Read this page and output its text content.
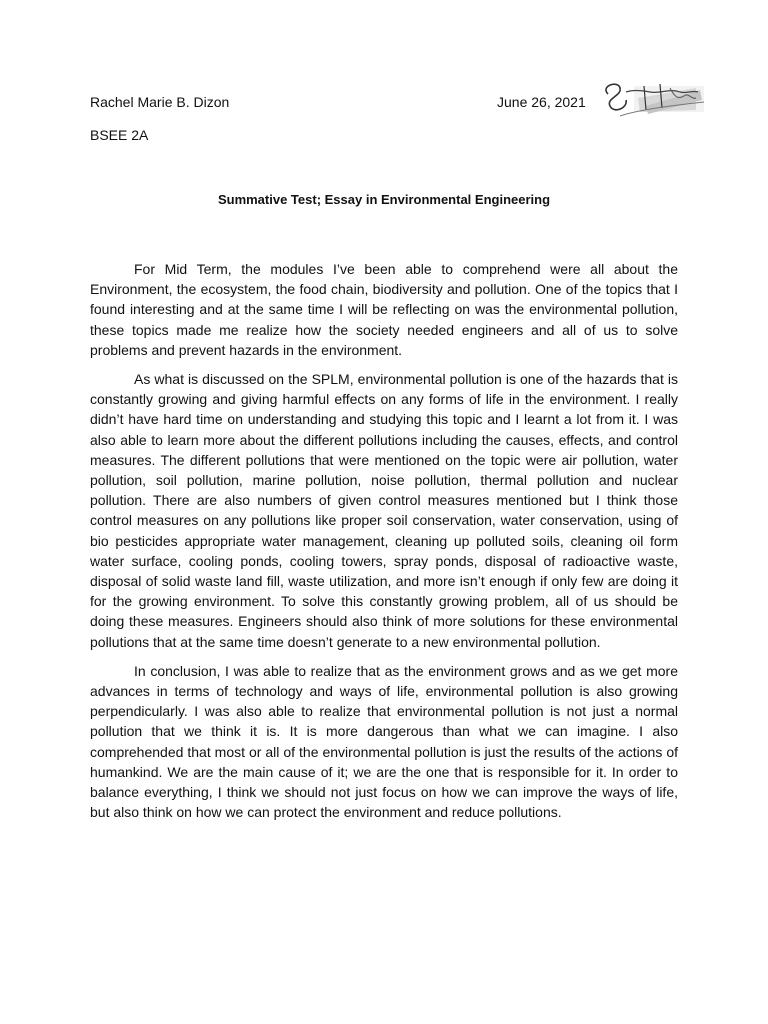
Rachel Marie B. Dizon	June 26, 2021
BSEE 2A
Summative Test; Essay in Environmental Engineering

For Mid Term, the modules I’ve been able to comprehend were all about the Environment, the ecosystem, the food chain, biodiversity and pollution. One of the topics that I found interesting and at the same time I will be reflecting on was the environmental pollution, these topics made me realize how the society needed engineers and all of us to solve problems and prevent hazards in the environment.

As what is discussed on the SPLM, environmental pollution is one of the hazards that is constantly growing and giving harmful effects on any forms of life in the environment. I really didn’t have hard time on understanding and studying this topic and I learnt a lot from it. I was also able to learn more about the different pollutions including the causes, effects, and control measures. The different pollutions that were mentioned on the topic were air pollution, water pollution, soil pollution, marine pollution, noise pollution, thermal pollution and nuclear pollution. There are also numbers of given control measures mentioned but I think those control measures on any pollutions like proper soil conservation, water conservation, using of bio pesticides appropriate water management, cleaning up polluted soils, cleaning oil form water surface, cooling ponds, cooling towers, spray ponds, disposal of radioactive waste, disposal of solid waste land fill, waste utilization, and more isn’t enough if only few are doing it for the growing environment. To solve this constantly growing problem, all of us should be doing these measures. Engineers should also think of more solutions for these environmental pollutions that at the same time doesn’t generate to a new environmental pollution.

In conclusion, I was able to realize that as the environment grows and as we get more advances in terms of technology and ways of life, environmental pollution is also growing perpendicularly. I was also able to realize that environmental pollution is not just a normal pollution that we think it is. It is more dangerous than what we can imagine. I also comprehended that most or all of the environmental pollution is just the results of the actions of humankind. We are the main cause of it; we are the one that is responsible for it. In order to balance everything, I think we should not just focus on how we can improve the ways of life, but also think on how we can protect the environment and reduce pollutions.
